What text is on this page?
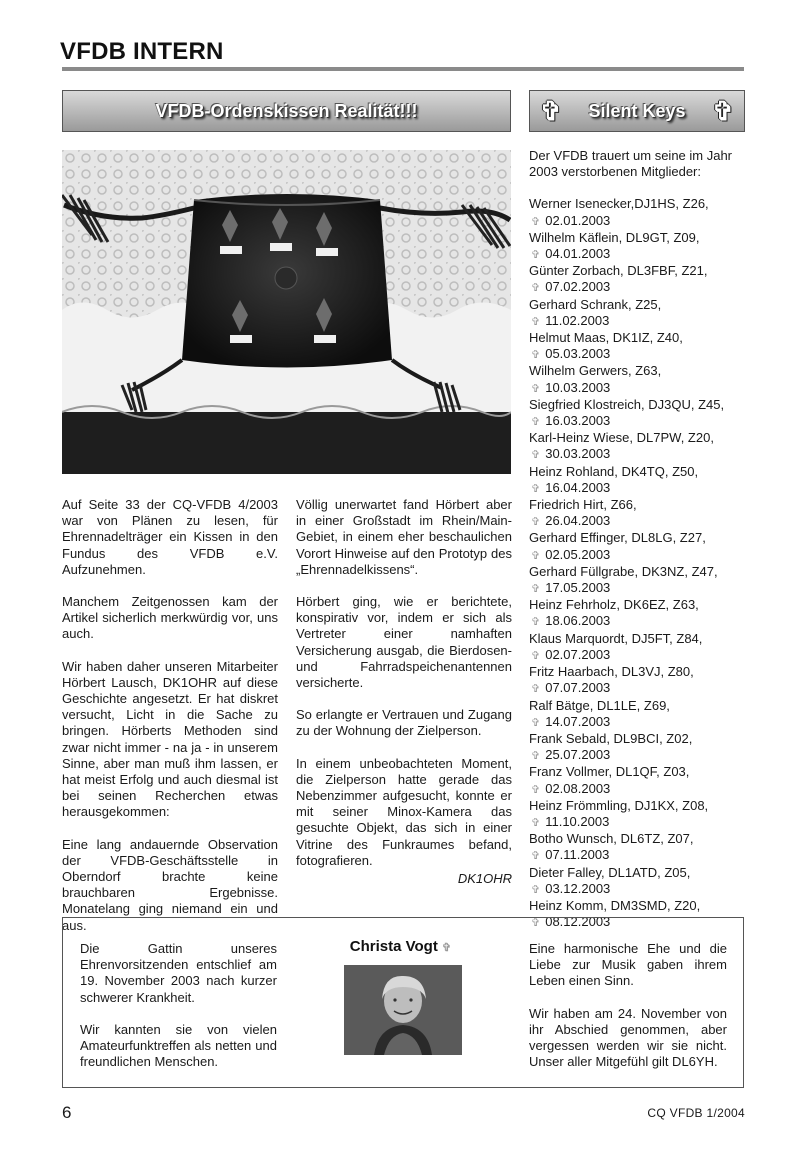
VFDB INTERN
VFDB-Ordenskissen Realität!!!	✞ Silent Keys ✞

Auf Seite 33 der CQ-VFDB 4/2003 war von Plänen zu lesen, für Ehrennadelträger ein Kissen in den Fundus des VFDB e.V. Aufzunehmen.

Manchem Zeitgenossen kam der Artikel sicherlich merkwürdig vor, uns auch.

Wir haben daher unseren Mitarbeiter Hörbert Lausch, DK1OHR auf diese Geschichte angesetzt. Er hat diskret versucht, Licht in die Sache zu bringen. Hörberts Methoden sind zwar nicht immer - na ja - in unserem Sinne, aber man muß ihm lassen, er hat meist Erfolg und auch diesmal ist bei seinen Recherchen etwas herausgekommen:

Eine lang andauernde Observation der VFDB-Geschäftsstelle in Oberndorf brachte keine brauchbaren Ergebnisse. Monatelang ging niemand ein und aus.

Völlig unerwartet fand Hörbert aber in einer Großstadt im Rhein/Main-Gebiet, in einem eher beschaulichen Vorort Hinweise auf den Prototyp des „Ehrennadelkissens“.

Hörbert ging, wie er berichtete, konspirativ vor, indem er sich als Vertreter einer namhaften Versicherung ausgab, die Bierdosen- und Fahrradspeichenantennen versicherte.

So erlangte er Vertrauen und Zugang zu der Wohnung der Zielperson.

In einem unbeobachteten Moment, die Zielperson hatte gerade das Nebenzimmer aufgesucht, konnte er mit seiner Minox-Kamera das gesuchte Objekt, das sich in einer Vitrine des Funkraumes befand, fotografieren.

DK1OHR
Der VFDB trauert um seine im Jahr 2003 verstorbenen Mitglieder:
Werner Isenecker,DJ1HS, Z26,
✞ 02.01.2003
Wilhelm Käflein, DL9GT, Z09,
✞ 04.01.2003
Günter Zorbach, DL3FBF, Z21,
✞ 07.02.2003
Gerhard Schrank, Z25,
✞ 11.02.2003
Helmut Maas, DK1IZ, Z40,
✞ 05.03.2003
Wilhelm Gerwers, Z63,
✞ 10.03.2003
Siegfried Klostreich, DJ3QU, Z45,
✞ 16.03.2003
Karl-Heinz Wiese, DL7PW, Z20,
✞ 30.03.2003
Heinz Rohland, DK4TQ, Z50,
✞ 16.04.2003
Friedrich Hirt, Z66,
✞ 26.04.2003
Gerhard Effinger, DL8LG, Z27,
✞ 02.05.2003
Gerhard Füllgrabe, DK3NZ, Z47,
✞ 17.05.2003
Heinz Fehrholz, DK6EZ, Z63,
✞ 18.06.2003
Klaus Marquordt, DJ5FT, Z84,
✞ 02.07.2003
Fritz Haarbach, DL3VJ, Z80,
✞ 07.07.2003
Ralf Bätge, DL1LE, Z69,
✞ 14.07.2003
Frank Sebald, DL9BCI, Z02,
✞ 25.07.2003
Franz Vollmer, DL1QF, Z03,
✞ 02.08.2003
Heinz Frömmling, DJ1KX, Z08,
✞ 11.10.2003
Botho Wunsch, DL6TZ, Z07,
✞ 07.11.2003
Dieter Falley, DL1ATD, Z05,
✞ 03.12.2003
Heinz Komm, DM3SMD, Z20,
✞ 08.12.2003

Die Gattin unseres Ehrenvorsitzenden entschlief am 19. November 2003 nach kurzer schwerer Krankheit.

Wir kannten sie von vielen Amateurfunktreffen als netten und freundlichen Menschen.

Christa Vogt ✞	Eine harmonische Ehe und die Liebe zur Musik gaben ihrem Leben einen Sinn.

Wir haben am 24. November von ihr Abschied genommen, aber vergessen werden wir sie nicht. Unser aller Mitgefühl gilt DL6YH.

6	CQ VFDB 1/2004
